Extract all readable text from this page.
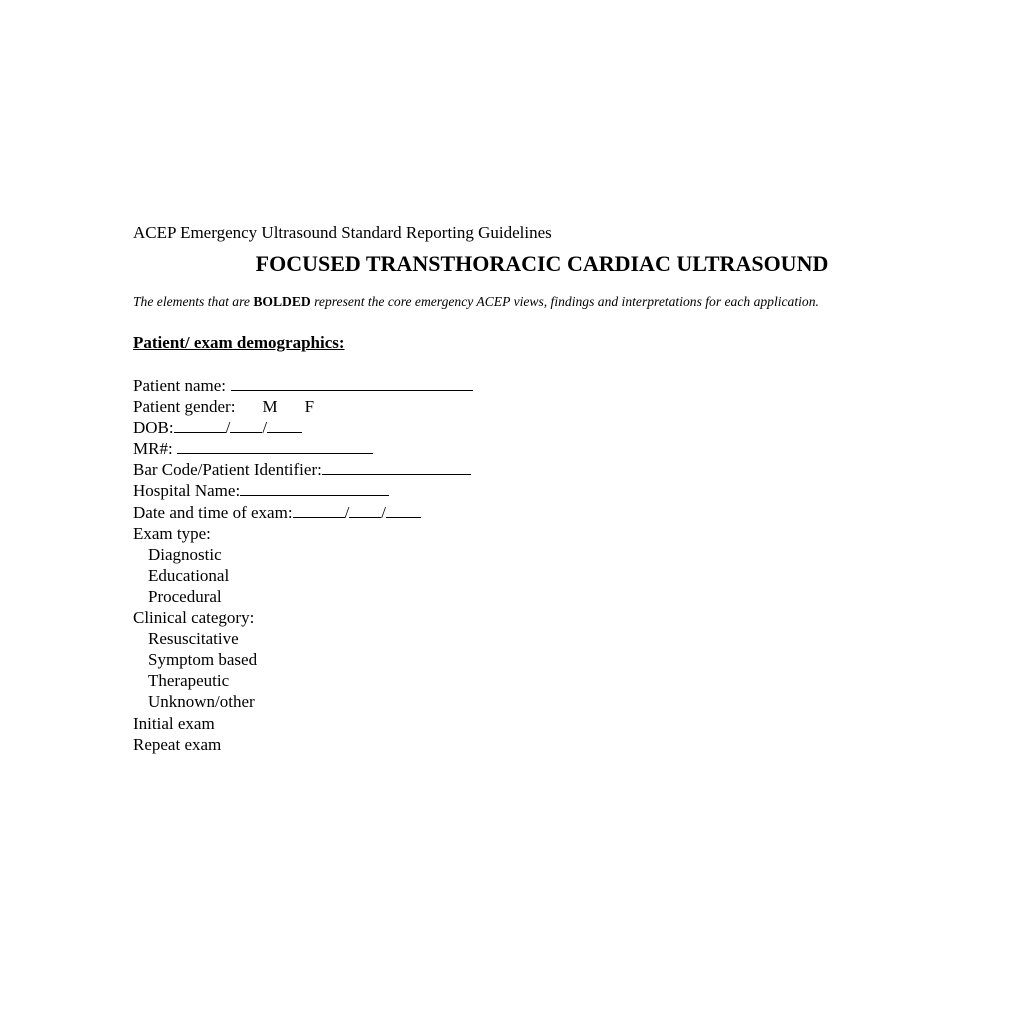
ACEP Emergency Ultrasound Standard Reporting Guidelines
FOCUSED TRANSTHORACIC CARDIAC ULTRASOUND
The elements that are BOLDED represent the core emergency ACEP views, findings and interpretations for each application.
Patient/ exam demographics:
Patient name:
Patient gender: M F
DOB:	/ /
MR#:
Bar Code/Patient Identifier:
Hospital Name:
Date and time of exam:	/ /
Exam type:
Diagnostic
Educational
Procedural
Clinical category:
Resuscitative
Symptom based
Therapeutic
Unknown/other
Initial exam
Repeat exam
